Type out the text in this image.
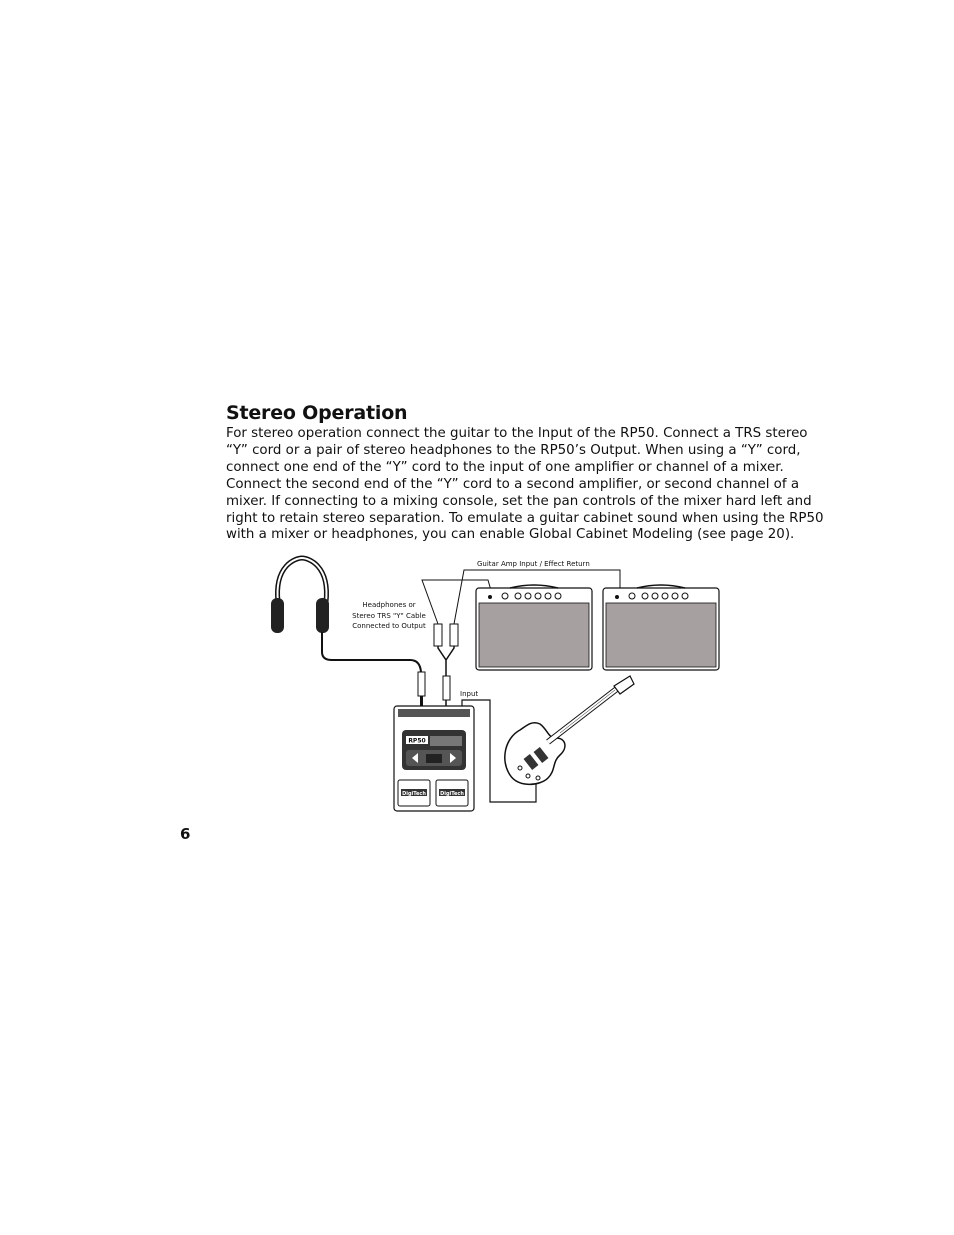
Stereo Operation
For stereo operation connect the guitar to the Input of the RP50. Connect a TRS stereo
“Y” cord or a pair of stereo headphones to the RP50’s Output. When using a “Y” cord,
connect one end of the “Y” cord to the input of one amplifier or channel of a mixer.
Connect the second end of the “Y” cord to a second amplifier, or second channel of a
mixer. If connecting to a mixing console, set the pan controls of the mixer hard left and
right to retain stereo separation. To emulate a guitar cabinet sound when using the RP50
with a mixer or headphones, you can enable Global Cabinet Modeling (see page 20).
Guitar Amp Input / Effect Return
Headphones or
Stereo TRS "Y" Cable
Connected to Output
Input
RP50
DigiTech	DigiTech
6
